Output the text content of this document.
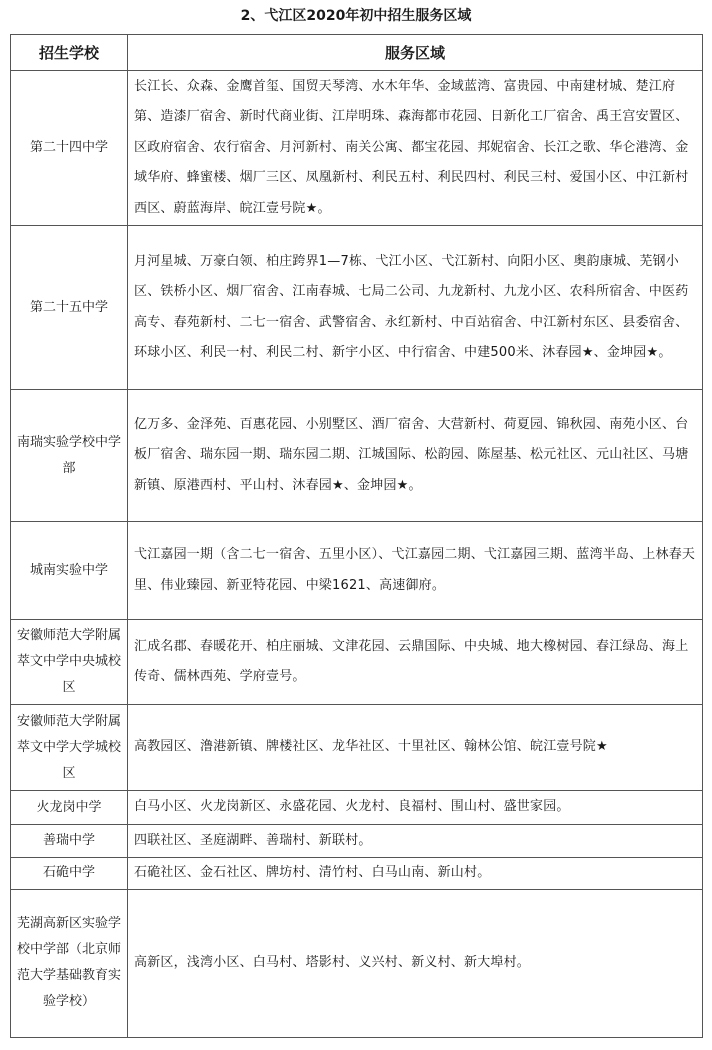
2、弋江区2020年初中招生服务区域
招生学校	服务区域
第二十四中学	长江长、众森、金鹰首玺、国贸天琴湾、水木年华、金域蓝湾、富贵园、中南建材城、楚江府第、造漆厂宿舍、新时代商业街、江岸明珠、森海都市花园、日新化工厂宿舍、禹王宫安置区、区政府宿舍、农行宿舍、月河新村、南关公寓、都宝花园、邦妮宿舍、长江之歌、华仑港湾、金域华府、蜂蜜楼、烟厂三区、凤凰新村、利民五村、利民四村、利民三村、爱国小区、中江新村西区、蔚蓝海岸、皖江壹号院★。
第二十五中学	月河星城、万豪白领、柏庄跨界1—7栋、弋江小区、弋江新村、向阳小区、奥韵康城、芜钢小区、铁桥小区、烟厂宿舍、江南春城、七局二公司、九龙新村、九龙小区、农科所宿舍、中医药高专、春苑新村、二七一宿舍、武警宿舍、永红新村、中百站宿舍、中江新村东区、县委宿舍、环球小区、利民一村、利民二村、新宇小区、中行宿舍、中建500米、沐春园★、金坤园★。
南瑞实验学校中学部	亿万多、金泽苑、百惠花园、小别墅区、酒厂宿舍、大营新村、荷夏园、锦秋园、南苑小区、台板厂宿舍、瑞东园一期、瑞东园二期、江城国际、松韵园、陈屋基、松元社区、元山社区、马塘新镇、原港西村、平山村、沐春园★、金坤园★。
城南实验中学	弋江嘉园一期（含二七一宿舍、五里小区）、弋江嘉园二期、弋江嘉园三期、蓝湾半岛、上林春天里、伟业臻园、新亚特花园、中梁1621、高速御府。
安徽师范大学附属萃文中学中央城校区	汇成名郡、春暖花开、柏庄丽城、文津花园、云鼎国际、中央城、地大橡树园、春江绿岛、海上传奇、儒林西苑、学府壹号。
安徽师范大学附属萃文中学大学城校区	高教园区、澛港新镇、牌楼社区、龙华社区、十里社区、翰林公馆、皖江壹号院★
火龙岗中学	白马小区、火龙岗新区、永盛花园、火龙村、良福村、围山村、盛世家园。
善瑞中学	四联社区、圣庭湖畔、善瑞村、新联村。
石硊中学	石硊社区、金石社区、牌坊村、清竹村、白马山南、新山村。
芜湖高新区实验学校中学部（北京师范大学基础教育实验学校）	高新区，浅湾小区、白马村、塔影村、义兴村、新义村、新大埠村。
